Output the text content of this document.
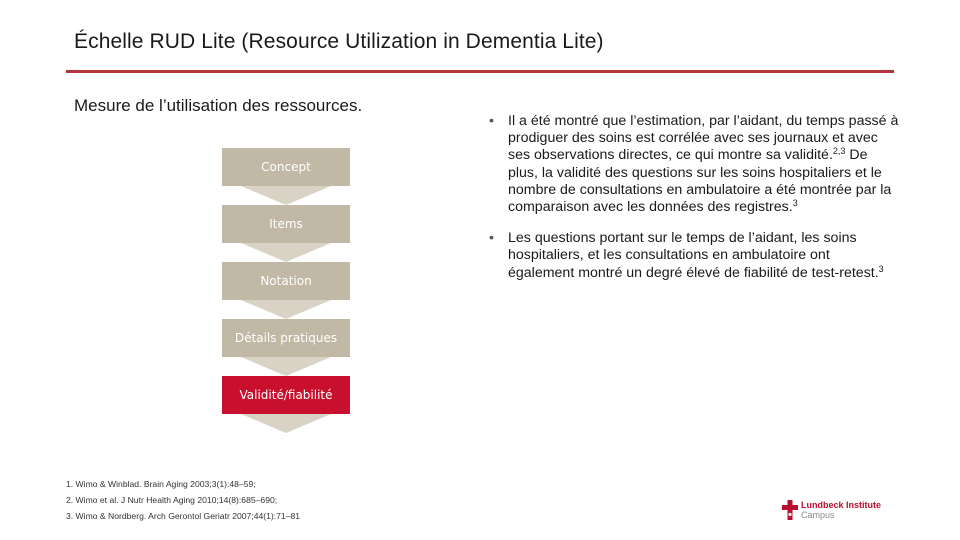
Échelle RUD Lite (Resource Utilization in Dementia Lite)
Mesure de l’utilisation des ressources.
Concept
Items
Notation
Détails pratiques
Validité/fiabilité
• Il a été montré que l’estimation, par l’aidant, du temps passé à prodiguer des soins est corrélée avec ses journaux et avec ses observations directes, ce qui montre sa validité.$^{2,3}$ De plus, la validité des questions sur les soins hospitaliers et le nombre de consultations en ambulatoire a été montrée par la comparaison avec les données des registres.$^3$
• Les questions portant sur le temps de l’aidant, les soins hospitaliers, et les consultations en ambulatoire ont également montré un degré élevé de fiabilité de test-retest.$^3$
1. Wimo & Winblad. Brain Aging 2003;3(1):48–59;
2. Wimo et al. J Nutr Health Aging 2010;14(8):685–690;
3. Wimo & Nordberg. Arch Gerontol Geriatr 2007;44(1):71–81
Lundbeck Institute
Campus
